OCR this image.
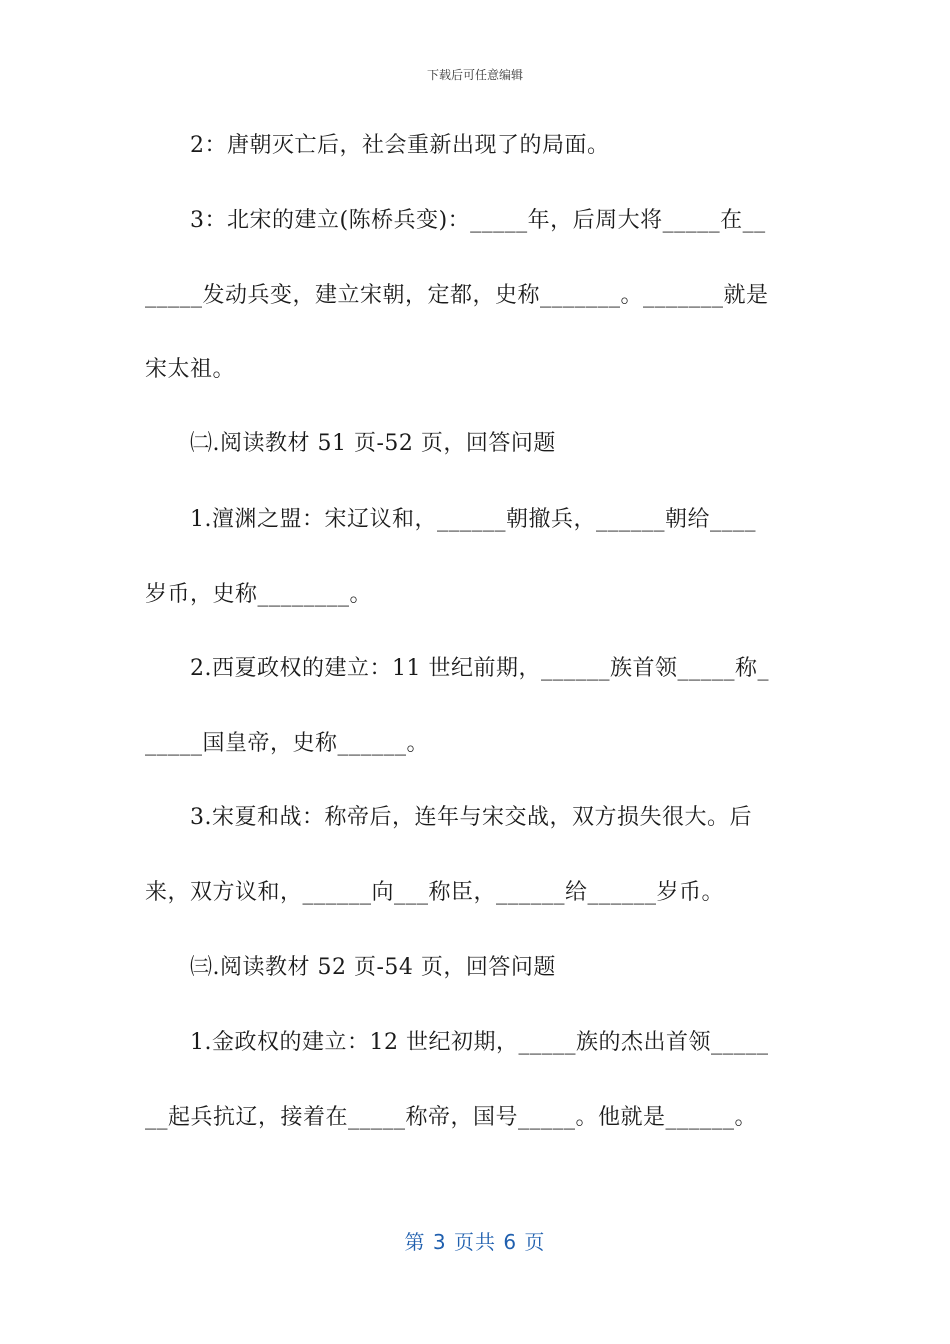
下载后可任意编辑
　　2：唐朝灭亡后，社会重新出现了的局面。
　　3：北宋的建立(陈桥兵变)：_____年，后周大将_____在__
_____发动兵变，建立宋朝，定都，史称_______。_______就是
宋太祖。
　　㈡.阅读教材 51 页-52 页，回答问题
　　1.澶渊之盟：宋辽议和，______朝撤兵，______朝给____
岁币，史称________。
　　2.西夏政权的建立：11 世纪前期，______族首领_____称_
_____国皇帝，史称______。
　　3.宋夏和战：称帝后，连年与宋交战，双方损失很大。后
来，双方议和，______向___称臣，______给______岁币。
　　㈢.阅读教材 52 页-54 页，回答问题
　　1.金政权的建立：12 世纪初期，_____族的杰出首领_____
__起兵抗辽，接着在_____称帝，国号_____。他就是______。
第 3 页共 6 页
